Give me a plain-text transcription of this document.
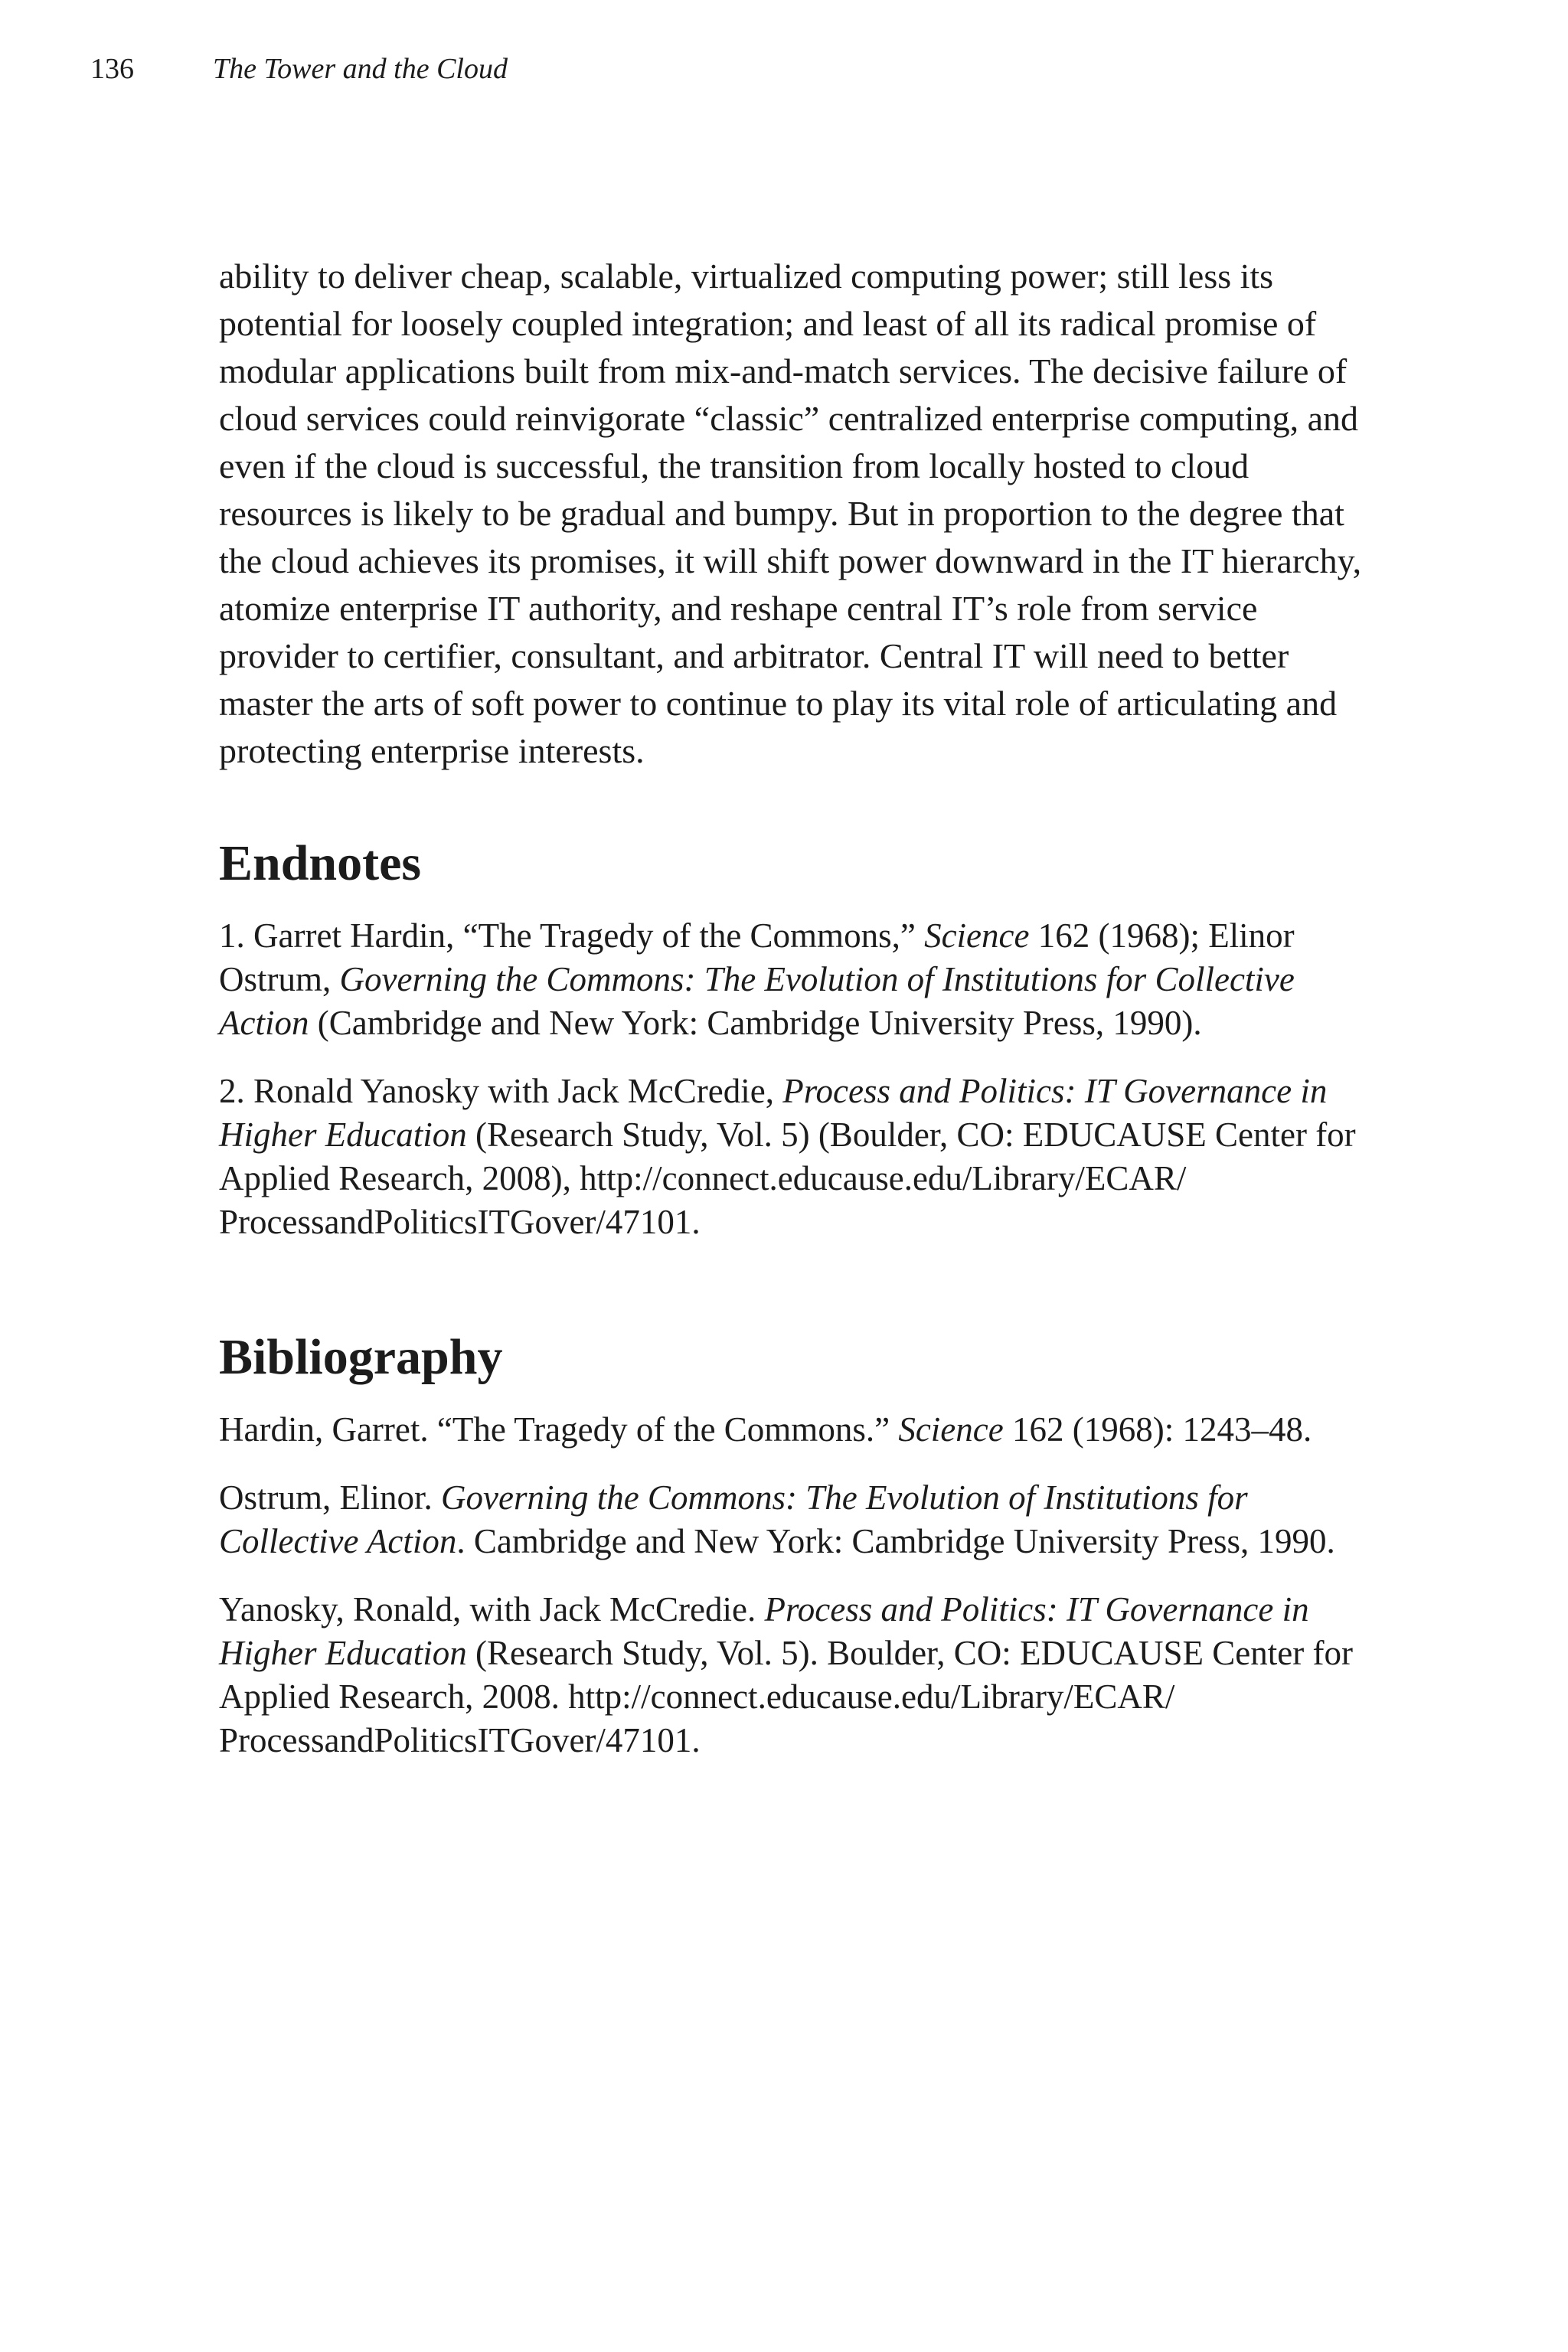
136	The Tower and the Cloud

ability to deliver cheap, scalable, virtualized computing power; still less its potential for loosely coupled integration; and least of all its radical promise of modular applications built from mix-and-match services. The decisive failure of cloud services could reinvigorate “classic” centralized enterprise computing, and even if the cloud is successful, the transition from locally hosted to cloud resources is likely to be gradual and bumpy. But in proportion to the degree that the cloud achieves its promises, it will shift power downward in the IT hierarchy, atomize enterprise IT authority, and reshape central IT’s role from service provider to certifier, consultant, and arbitrator. Central IT will need to better master the arts of soft power to continue to play its vital role of articulating and protecting enterprise interests.

Endnotes

1. Garret Hardin, “The Tragedy of the Commons,” Science 162 (1968); Elinor Ostrum, Governing the Commons: The Evolution of Institutions for Collective Action (Cambridge and New York: Cambridge University Press, 1990).

2. Ronald Yanosky with Jack McCredie, Process and Politics: IT Governance in Higher Education (Research Study, Vol. 5) (Boulder, CO: EDUCAUSE Center for Applied Research, 2008), http://connect.educause.edu/Library/ECAR/ ProcessandPoliticsITGover/47101.

Bibliography

Hardin, Garret. “The Tragedy of the Commons.” Science 162 (1968): 1243–48.

Ostrum, Elinor. Governing the Commons: The Evolution of Institutions for Collective Action. Cambridge and New York: Cambridge University Press, 1990.

Yanosky, Ronald, with Jack McCredie. Process and Politics: IT Governance in Higher Education (Research Study, Vol. 5). Boulder, CO: EDUCAUSE Center for Applied Research, 2008. http://connect.educause.edu/Library/ECAR/ ProcessandPoliticsITGover/47101.
